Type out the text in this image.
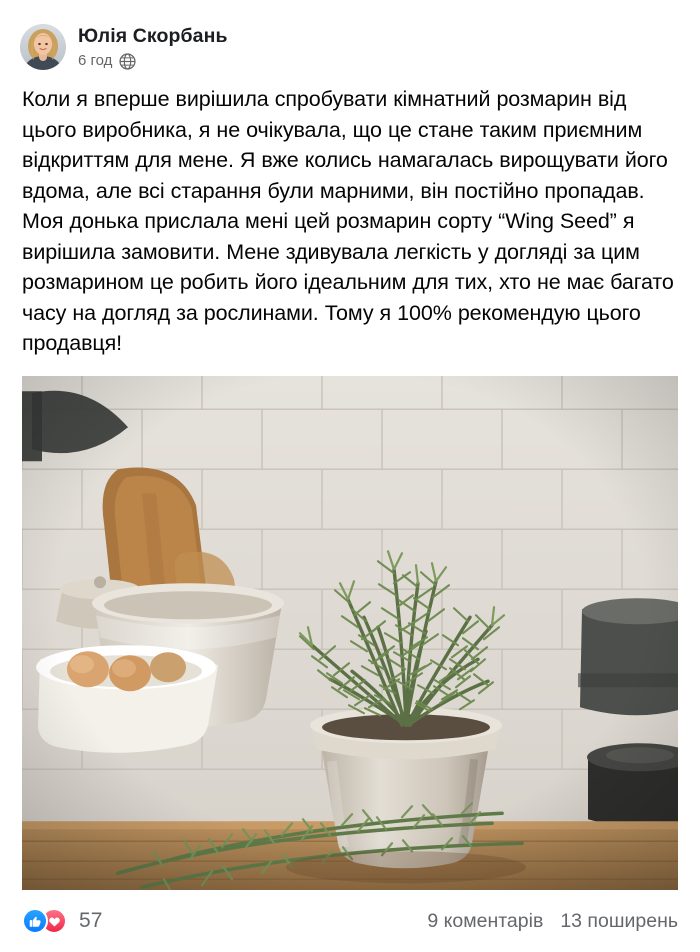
Юлія Скорбань
6 год
Коли я вперше вирішила спробувати кімнатний розмарин від цього виробника, я не очікувала, що це стане таким приємним відкриттям для мене. Я вже колись намагалась вирощувати його вдома, але всі старання були марними, він постійно пропадав. Моя донька прислала мені цей розмарин сорту “Wing Seed” я вирішила замовити. Мене здивувала легкість у догляді за цим розмарином це робить його ідеальним для тих, хто не має багато часу на догляд за рослинами. Тому я 100% рекомендую цього продавця!
57	9 коментарів 13 поширень
